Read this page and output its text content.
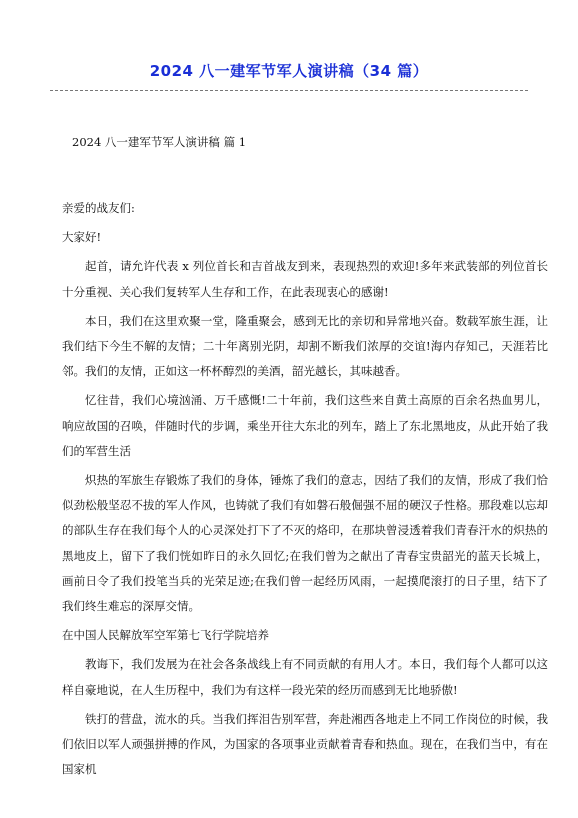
2024 八一建军节军人演讲稿（34 篇）
2024 八一建军节军人演讲稿 篇 1

亲爱的战友们:

大家好!

起首，请允许代表 x 列位首长和吉首战友到来，表现热烈的欢迎!多年来武装部的列位首长十分重视、关心我们复转军人生存和工作，在此表现衷心的感谢!

本日，我们在这里欢聚一堂，隆重聚会，感到无比的亲切和异常地兴奋。数载军旅生涯，让我们结下今生不解的友情；二十年离别光阴，却割不断我们浓厚的交谊!海内存知己，天涯若比邻。我们的友情，正如这一杯杯醇烈的美酒，韶光越长，其味越香。

忆往昔，我们心境汹涌、万千感慨!二十年前，我们这些来自黄土高原的百余名热血男儿，响应故国的召唤，伴随时代的步调，乘坐开往大东北的列车，踏上了东北黑地皮，从此开始了我们的军营生活

炽热的军旅生存锻炼了我们的身体，锤炼了我们的意志，因结了我们的友情，形成了我们恰似劲松般坚忍不拔的军人作风，也铸就了我们有如磐石般倔强不屈的硬汉子性格。那段难以忘却的部队生存在我们每个人的心灵深处打下了不灭的烙印，在那块曾浸透着我们青春汗水的炽热的黑地皮上，留下了我们恍如昨日的永久回忆;在我们曾为之献出了青春宝贵韶光的蓝天长城上，画前日令了我们投笔当兵的光荣足迹;在我们曾一起经历风雨，一起摸爬滚打的日子里，结下了我们终生难忘的深厚交情。

在中国人民解放军空军第七飞行学院培养

教诲下，我们发展为在社会各条战线上有不同贡献的有用人才。本日，我们每个人都可以这样自豪地说，在人生历程中，我们为有这样一段光荣的经历而感到无比地骄傲!

铁打的营盘，流水的兵。当我们挥泪告别军营，奔赴湘西各地走上不同工作岗位的时候，我们依旧以军人顽强拼搏的作风，为国家的各项事业贡献着青春和热血。现在，在我们当中，有在国家机
